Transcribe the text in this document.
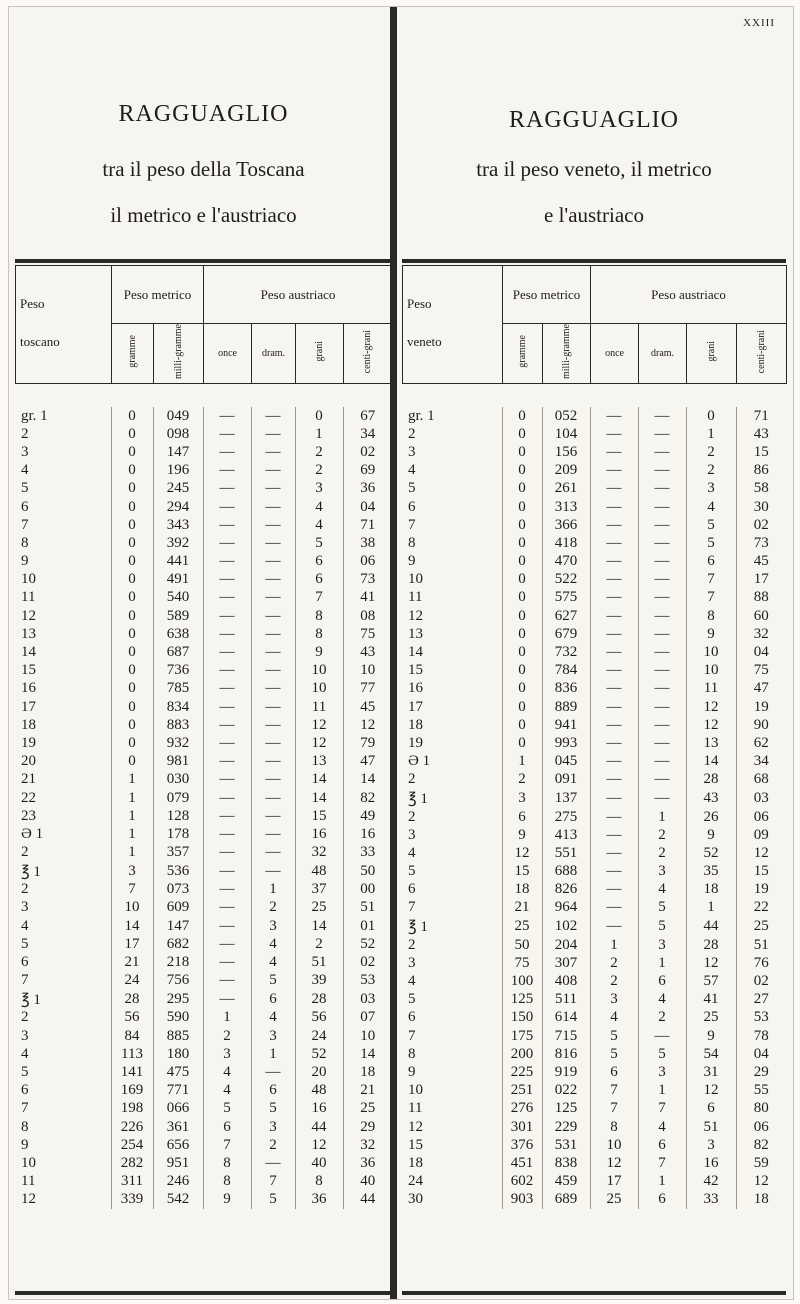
XXIII
RAGGUAGLIO
tra il peso della Toscana
il metrico e l'austriaco
Peso
toscano	Peso metrico		Peso austriaco			
	gramme	milli-gramme	once	dram.	grani	centi-grani
gr. 1	0	049	—	—	0	67
2	0	098	—	—	1	34
3	0	147	—	—	2	02
4	0	196	—	—	2	69
5	0	245	—	—	3	36
6	0	294	—	—	4	04
7	0	343	—	—	4	71
8	0	392	—	—	5	38
9	0	441	—	—	6	06
10	0	491	—	—	6	73
11	0	540	—	—	7	41
12	0	589	—	—	8	08
13	0	638	—	—	8	75
14	0	687	—	—	9	43
15	0	736	—	—	10	10
16	0	785	—	—	10	77
17	0	834	—	—	11	45
18	0	883	—	—	12	12
19	0	932	—	—	12	79
20	0	981	—	—	13	47
21	1	030	—	—	14	14
22	1	079	—	—	14	82
23	1	128	—	—	15	49
Ə 1	1	178	—	—	16	16
2	1	357	—	—	32	33
℥ 1	3	536	—	—	48	50
2	7	073	—	1	37	00
3	10	609	—	2	25	51
4	14	147	—	3	14	01
5	17	682	—	4	2	52
6	21	218	—	4	51	02
7	24	756	—	5	39	53
℥ 1	28	295	—	6	28	03
2	56	590	1	4	56	07
3	84	885	2	3	24	10
4	113	180	3	1	52	14
5	141	475	4	—	20	18
6	169	771	4	6	48	21
7	198	066	5	5	16	25
8	226	361	6	3	44	29
9	254	656	7	2	12	32
10	282	951	8	—	40	36
11	311	246	8	7	8	40
12	339	542	9	5	36	44
RAGGUAGLIO
tra il peso veneto, il metrico
e l'austriaco
Peso
veneto	Peso metrico		Peso austriaco			
	gramme	milli-gramme	once	dram.	grani	centi-grani
gr. 1	0	052	—	—	0	71
2	0	104	—	—	1	43
3	0	156	—	—	2	15
4	0	209	—	—	2	86
5	0	261	—	—	3	58
6	0	313	—	—	4	30
7	0	366	—	—	5	02
8	0	418	—	—	5	73
9	0	470	—	—	6	45
10	0	522	—	—	7	17
11	0	575	—	—	7	88
12	0	627	—	—	8	60
13	0	679	—	—	9	32
14	0	732	—	—	10	04
15	0	784	—	—	10	75
16	0	836	—	—	11	47
17	0	889	—	—	12	19
18	0	941	—	—	12	90
19	0	993	—	—	13	62
Ə 1	1	045	—	—	14	34
2	2	091	—	—	28	68
℥ 1	3	137	—	—	43	03
2	6	275	—	1	26	06
3	9	413	—	2	9	09
4	12	551	—	2	52	12
5	15	688	—	3	35	15
6	18	826	—	4	18	19
7	21	964	—	5	1	22
℥ 1	25	102	—	5	44	25
2	50	204	1	3	28	51
3	75	307	2	1	12	76
4	100	408	2	6	57	02
5	125	511	3	4	41	27
6	150	614	4	2	25	53
7	175	715	5	—	9	78
8	200	816	5	5	54	04
9	225	919	6	3	31	29
10	251	022	7	1	12	55
11	276	125	7	7	6	80
12	301	229	8	4	51	06
15	376	531	10	6	3	82
18	451	838	12	7	16	59
24	602	459	17	1	42	12
30	903	689	25	6	33	18
